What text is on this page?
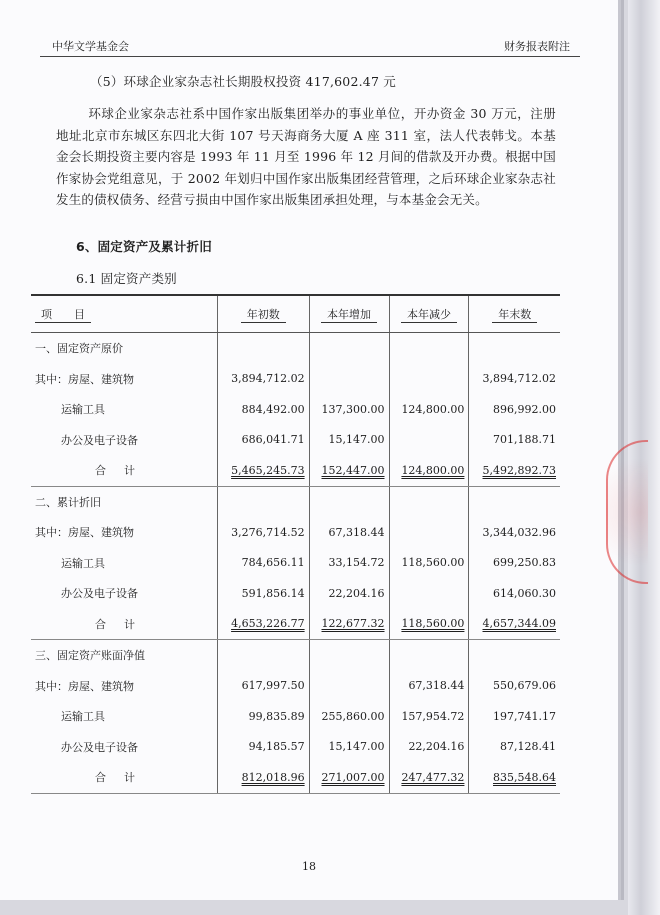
中华文学基金会	财务报表附注
（5）环球企业家杂志社长期股权投资 417,602.47 元
环球企业家杂志社系中国作家出版集团举办的事业单位，开办资金 30 万元，注册地址北京市东城区东四北大街 107 号天海商务大厦 A 座 311 室，法人代表韩戈。本基金会长期投资主要内容是 1993 年 11 月至 1996 年 12 月间的借款及开办费。根据中国作家协会党组意见，于 2002 年划归中国作家出版集团经营管理，之后环球企业家杂志社发生的债权债务、经营亏损由中国作家出版集团承担处理，与本基金会无关。
6、固定资产及累计折旧
6.1 固定资产类别
项　　目	年初数	本年增加	本年减少	年末数
一、固定资产原价				
其中：房屋、建筑物	3,894,712.02			3,894,712.02
运输工具	884,492.00	137,300.00	124,800.00	896,992.00
办公及电子设备	686,041.71	15,147.00		701,188.71
合计	5,465,245.73	152,447.00	124,800.00	5,492,892.73
二、累计折旧				
其中：房屋、建筑物	3,276,714.52	67,318.44		3,344,032.96
运输工具	784,656.11	33,154.72	118,560.00	699,250.83
办公及电子设备	591,856.14	22,204.16		614,060.30
合计	4,653,226.77	122,677.32	118,560.00	4,657,344.09
三、固定资产账面净值				
其中：房屋、建筑物	617,997.50		67,318.44	550,679.06
运输工具	99,835.89	255,860.00	157,954.72	197,741.17
办公及电子设备	94,185.57	15,147.00	22,204.16	87,128.41
合计	812,018.96	271,007.00	247,477.32	835,548.64
18
